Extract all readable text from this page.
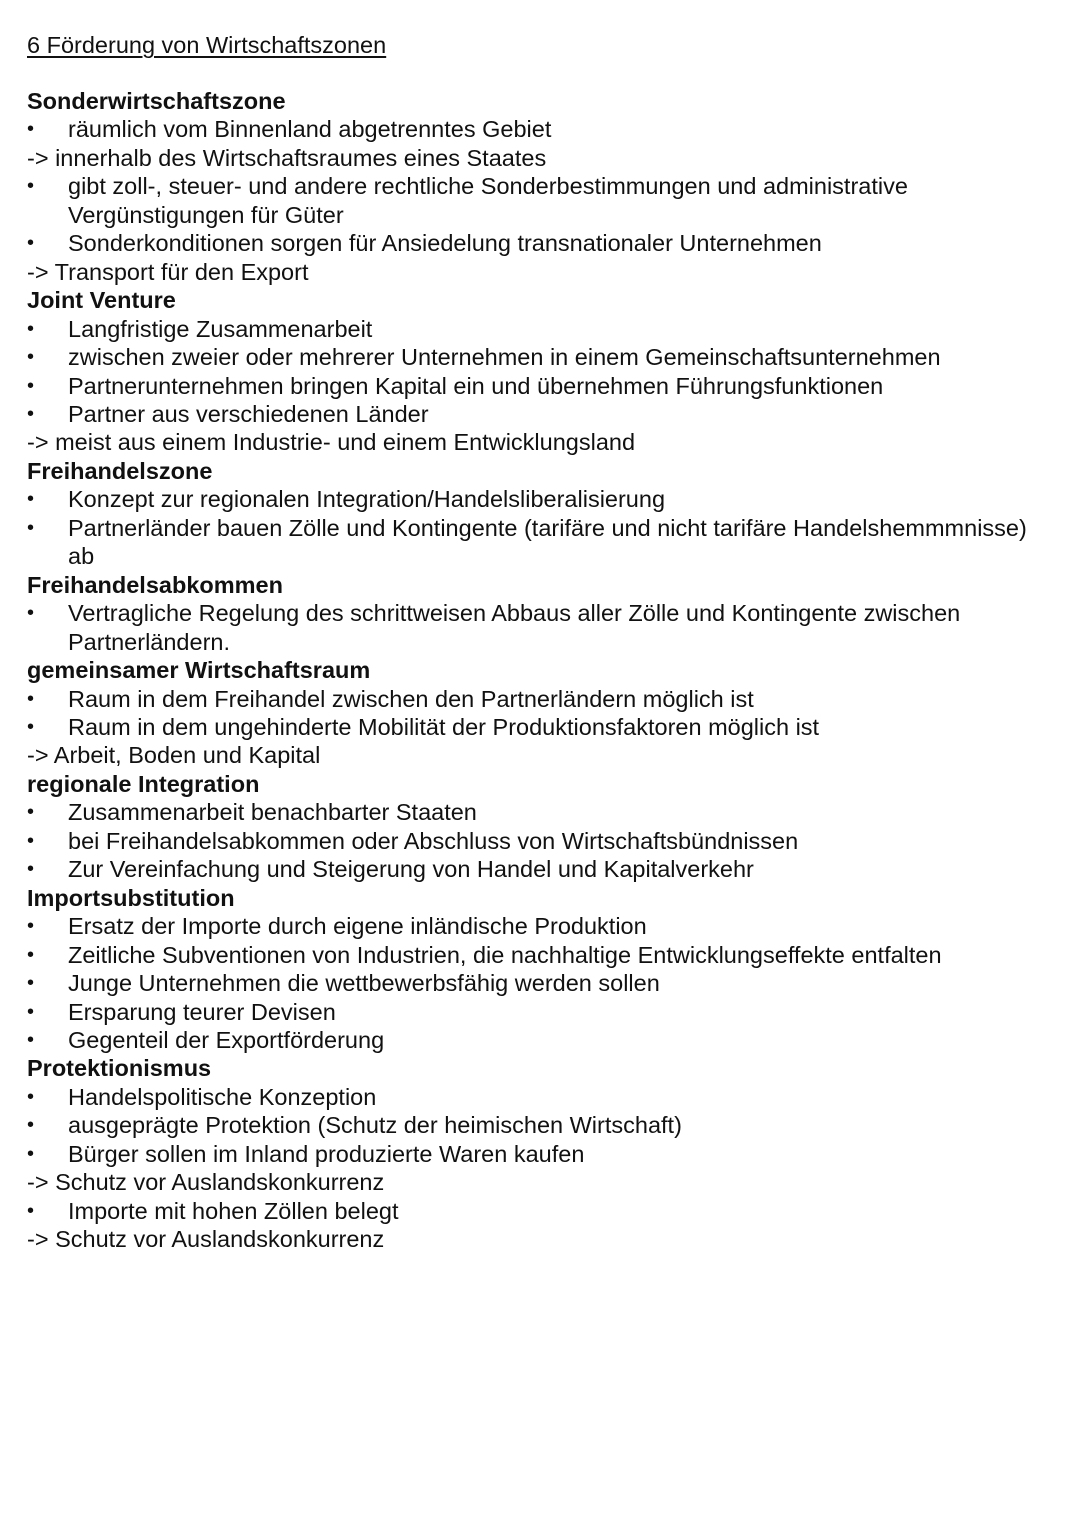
6 Förderung von Wirtschaftszonen
Sonderwirtschaftszone
• räumlich vom Binnenland abgetrenntes Gebiet
-> innerhalb des Wirtschaftsraumes eines Staates
• gibt zoll-, steuer- und andere rechtliche Sonderbestimmungen und administrative Vergünstigungen für Güter
• Sonderkonditionen sorgen für Ansiedelung transnationaler Unternehmen
-> Transport für den Export
Joint Venture
• Langfristige Zusammenarbeit
• zwischen zweier oder mehrerer Unternehmen in einem Gemeinschaftsunternehmen
• Partnerunternehmen bringen Kapital ein und übernehmen Führungsfunktionen
• Partner aus verschiedenen Länder
-> meist aus einem Industrie- und einem Entwicklungsland
Freihandelszone
• Konzept zur regionalen Integration/Handelsliberalisierung
• Partnerländer bauen Zölle und Kontingente (tarifäre und nicht tarifäre Handelshemmmnisse) ab
Freihandelsabkommen
• Vertragliche Regelung des schrittweisen Abbaus aller Zölle und Kontingente zwischen Partnerländern.
gemeinsamer Wirtschaftsraum
• Raum in dem Freihandel zwischen den Partnerländern möglich ist
• Raum in dem ungehinderte Mobilität der Produktionsfaktoren möglich ist
-> Arbeit, Boden und Kapital
regionale Integration
• Zusammenarbeit benachbarter Staaten
• bei Freihandelsabkommen oder Abschluss von Wirtschaftsbündnissen
• Zur Vereinfachung und Steigerung von Handel und Kapitalverkehr
Importsubstitution
• Ersatz der Importe durch eigene inländische Produktion
• Zeitliche Subventionen von Industrien, die nachhaltige Entwicklungseffekte entfalten
• Junge Unternehmen die wettbewerbsfähig werden sollen
• Ersparung teurer Devisen
• Gegenteil der Exportförderung
Protektionismus
• Handelspolitische Konzeption
• ausgeprägte Protektion (Schutz der heimischen Wirtschaft)
• Bürger sollen im Inland produzierte Waren kaufen
-> Schutz vor Auslandskonkurrenz
• Importe mit hohen Zöllen belegt
-> Schutz vor Auslandskonkurrenz
